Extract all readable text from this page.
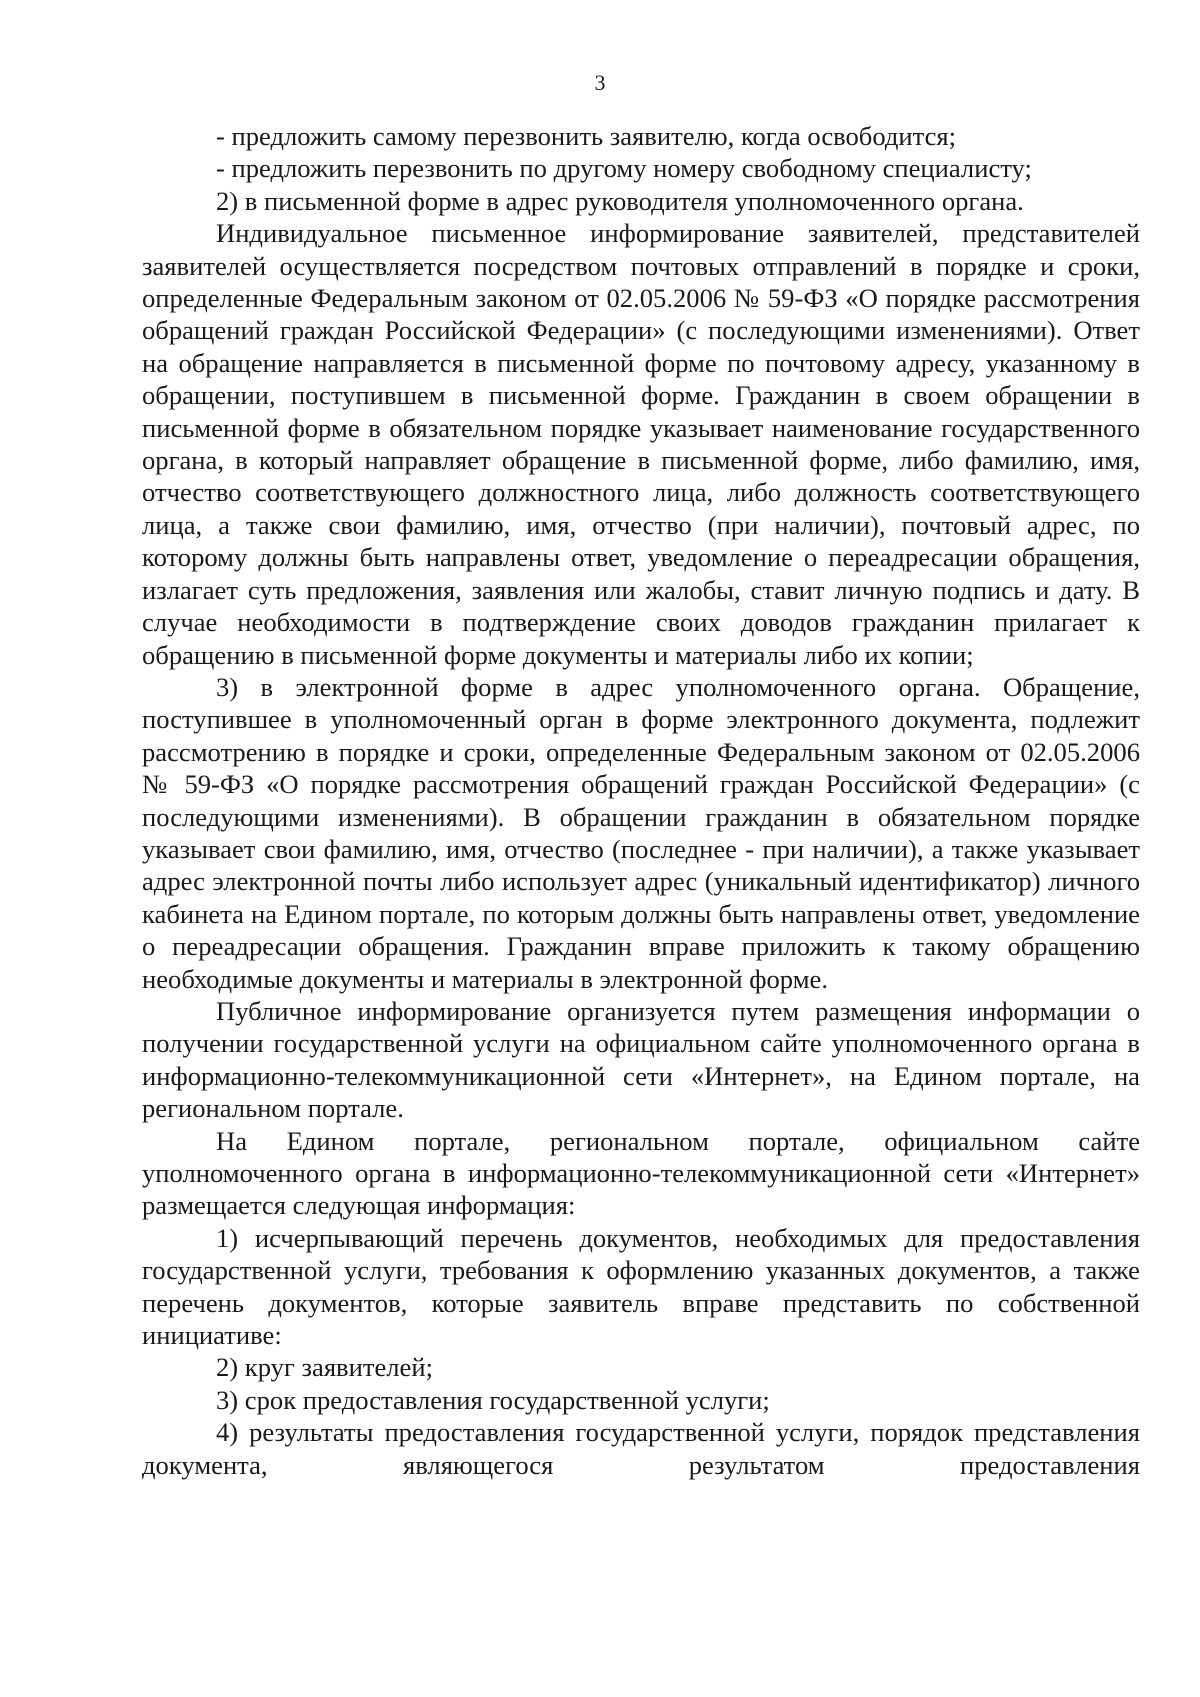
3

- предложить самому перезвонить заявителю, когда освободится;

- предложить перезвонить по другому номеру свободному специалисту;

2) в письменной форме в адрес руководителя уполномоченного органа.

Индивидуальное письменное информирование заявителей, представителей заявителей осуществляется посредством почтовых отправлений в порядке и сроки, определенные Федеральным законом от 02.05.2006 № 59-ФЗ «О порядке рассмотрения обращений граждан Российской Федерации» (с последующими изменениями). Ответ на обращение направляется в письменной форме по почтовому адресу, указанному в обращении, поступившем в письменной форме. Гражданин в своем обращении в письменной форме в обязательном порядке указывает наименование государственного органа, в который направляет обращение в письменной форме, либо фамилию, имя, отчество соответствующего должностного лица, либо должность соответствующего лица, а также свои фамилию, имя, отчество (при наличии), почтовый адрес, по которому должны быть направлены ответ, уведомление о переадресации обращения, излагает суть предложения, заявления или жалобы, ставит личную подпись и дату. В случае необходимости в подтверждение своих доводов гражданин прилагает к обращению в письменной форме документы и материалы либо их копии;

3) в электронной форме в адрес уполномоченного органа. Обращение, поступившее в уполномоченный орган в форме электронного документа, подлежит рассмотрению в порядке и сроки, определенные Федеральным законом от 02.05.2006 № 59-ФЗ «О порядке рассмотрения обращений граждан Российской Федерации» (с последующими изменениями). В обращении гражданин в обязательном порядке указывает свои фамилию, имя, отчество (последнее - при наличии), а также указывает адрес электронной почты либо использует адрес (уникальный идентификатор) личного кабинета на Едином портале, по которым должны быть направлены ответ, уведомление о переадресации обращения. Гражданин вправе приложить к такому обращению необходимые документы и материалы в электронной форме.

Публичное информирование организуется путем размещения информации о получении государственной услуги на официальном сайте уполномоченного органа в информационно-телекоммуникационной сети «Интернет», на Едином портале, на региональном портале.

На Едином портале, региональном портале, официальном сайте уполномоченного органа в информационно-телекоммуникационной сети «Интернет» размещается следующая информация:

1) исчерпывающий перечень документов, необходимых для предоставления государственной услуги, требования к оформлению указанных документов, а также перечень документов, которые заявитель вправе представить по собственной инициативе:

2) круг заявителей;

3) срок предоставления государственной услуги;

4) результаты предоставления государственной услуги, порядок представления документа, являющегося результатом предоставления
